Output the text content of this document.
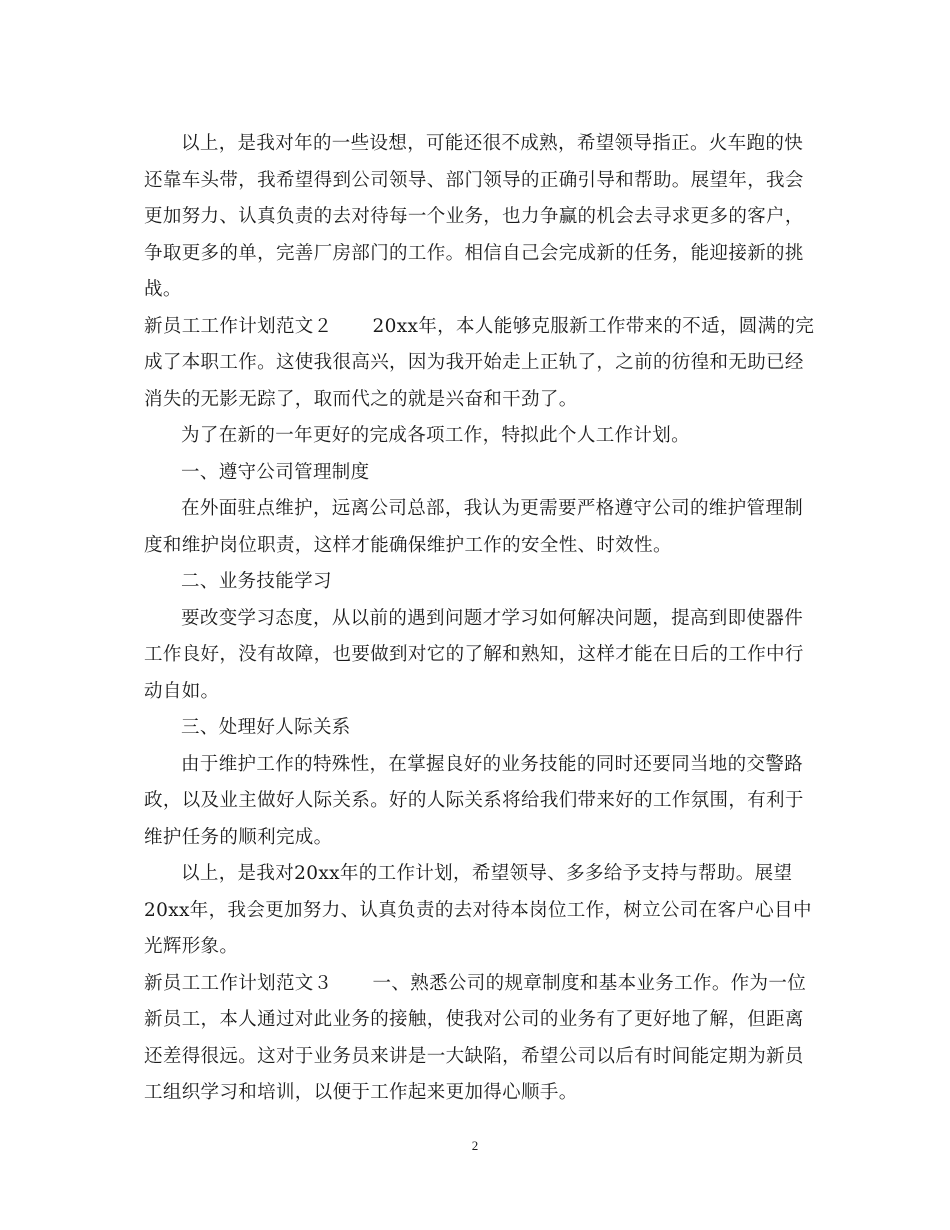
以上，是我对年的一些设想，可能还很不成熟，希望领导指正。火车跑的快
还靠车头带，我希望得到公司领导、部门领导的正确引导和帮助。展望年，我会
更加努力、认真负责的去对待每一个业务，也力争赢的机会去寻求更多的客户，
争取更多的单，完善厂房部门的工作。相信自己会完成新的任务，能迎接新的挑
战。
新员工工作计划范文２ 20xx年，本人能够克服新工作带来的不适，圆满的完
成了本职工作。这使我很高兴，因为我开始走上正轨了，之前的彷徨和无助已经
消失的无影无踪了，取而代之的就是兴奋和干劲了。
为了在新的一年更好的完成各项工作，特拟此个人工作计划。
一、遵守公司管理制度
在外面驻点维护，远离公司总部，我认为更需要严格遵守公司的维护管理制
度和维护岗位职责，这样才能确保维护工作的安全性、时效性。
二、业务技能学习
要改变学习态度，从以前的遇到问题才学习如何解决问题，提高到即使器件
工作良好，没有故障，也要做到对它的了解和熟知，这样才能在日后的工作中行
动自如。
三、处理好人际关系
由于维护工作的特殊性，在掌握良好的业务技能的同时还要同当地的交警路
政，以及业主做好人际关系。好的人际关系将给我们带来好的工作氛围，有利于
维护任务的顺利完成。
以上，是我对20xx年的工作计划，希望领导、多多给予支持与帮助。展望
20xx年，我会更加努力、认真负责的去对待本岗位工作，树立公司在客户心目中
光辉形象。
新员工工作计划范文３ 一、熟悉公司的规章制度和基本业务工作。作为一位
新员工，本人通过对此业务的接触，使我对公司的业务有了更好地了解，但距离
还差得很远。这对于业务员来讲是一大缺陷，希望公司以后有时间能定期为新员
工组织学习和培训，以便于工作起来更加得心顺手。
2
